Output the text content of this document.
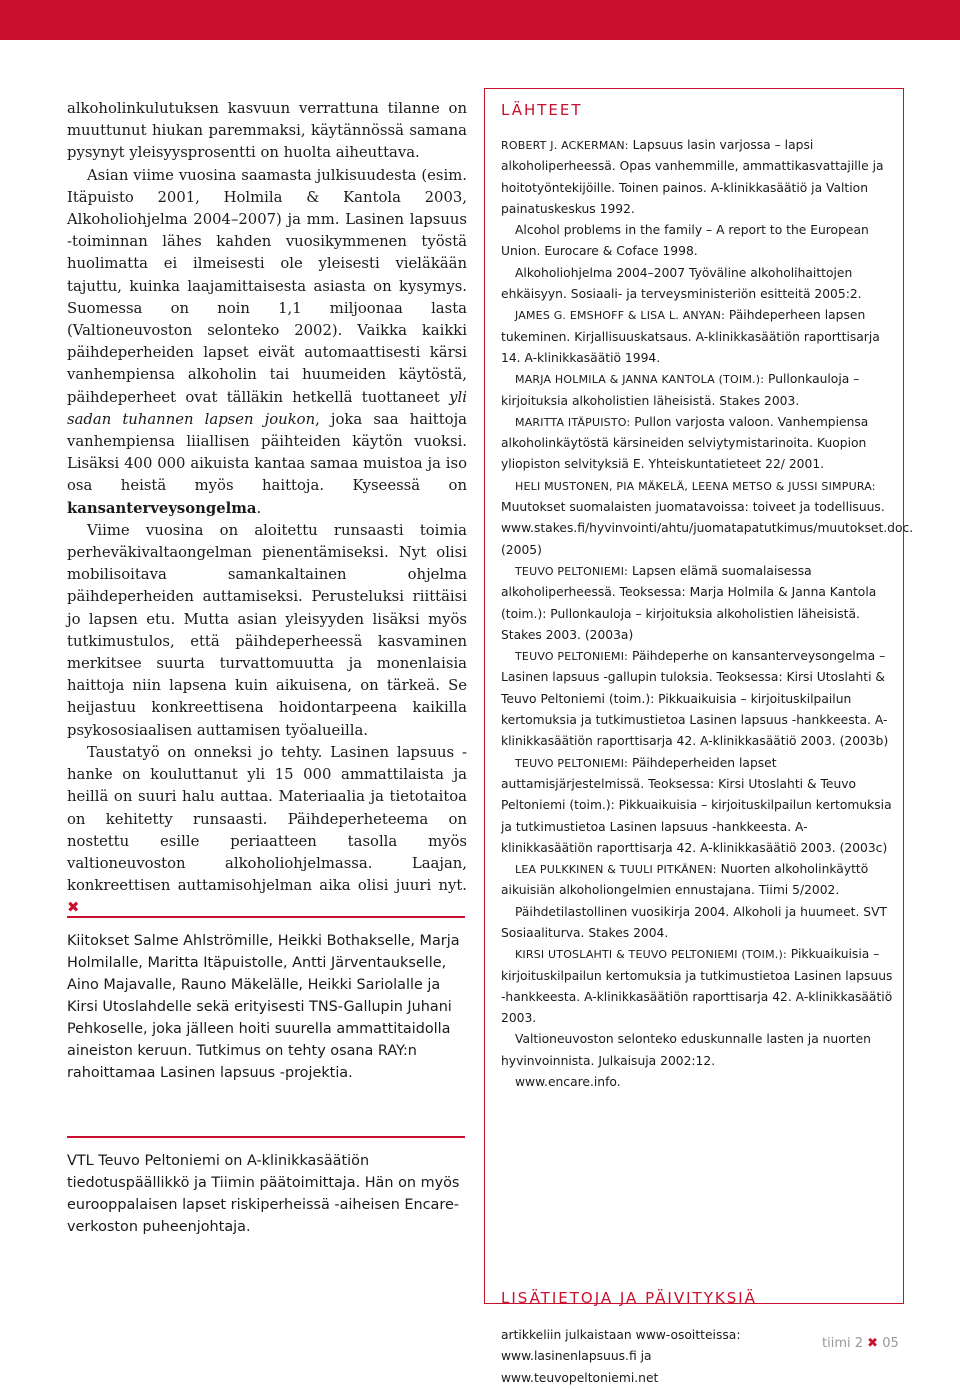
alkoholinkulutuksen kasvuun verrattuna tilanne on muuttunut hiukan paremmaksi, käytännössä samana pysynyt yleisyysprosentti on huolta aiheuttava.

Asian viime vuosina saamasta julkisuudesta (esim. Itäpuisto 2001, Holmila & Kantola 2003, Alkoholiohjelma 2004–2007) ja mm. Lasinen lapsuus -toiminnan lähes kahden vuosikymmenen työstä huolimatta ei ilmeisesti ole yleisesti vieläkään tajuttu, kuinka laajamittaisesta asiasta on kysymys. Suomessa on noin 1,1 miljoonaa lasta (Valtioneuvoston selonteko 2002). Vaikka kaikki päihdeperheiden lapset eivät automaattisesti kärsi vanhempiensa alkoholin tai huumeiden käytöstä, päihdeperheet ovat tälläkin hetkellä tuottaneet yli sadan tuhannen lapsen joukon, joka saa haittoja vanhempiensa liiallisen päihteiden käytön vuoksi. Lisäksi 400 000 aikuista kantaa samaa muistoa ja iso osa heistä myös haittoja. Kyseessä on kansanterveysongelma.

Viime vuosina on aloitettu runsaasti toimia perheväkivaltaongelman pienentämiseksi. Nyt olisi mobilisoitava samankaltainen ohjelma päihdeperheiden auttamiseksi. Perusteluksi riittäisi jo lapsen etu. Mutta asian yleisyyden lisäksi myös tutkimustulos, että päihdeperheessä kasvaminen merkitsee suurta turvattomuutta ja monenlaisia haittoja niin lapsena kuin aikuisena, on tärkeä. Se heijastuu konkreettisena hoidontarpeena kaikilla psykososiaalisen auttamisen työalueilla.

Taustatyö on onneksi jo tehty. Lasinen lapsuus -hanke on kouluttanut yli 15 000 ammattilaista ja heillä on suuri halu auttaa. Materiaalia ja tietotaitoa on kehitetty runsaasti. Päihdeperheteema on nostettu esille periaatteen tasolla myös valtioneuvoston alkoholiohjelmassa. Laajan, konkreettisen auttamisohjelman aika olisi juuri nyt. ✖

Kiitokset Salme Ahlströmille, Heikki Bothakselle, Marja Holmilalle, Maritta Itäpuistolle, Antti Järventaukselle, Aino Majavalle, Rauno Mäkelälle, Heikki Sariolalle ja Kirsi Utoslahdelle sekä erityisesti TNS-Gallupin Juhani Pehkoselle, joka jälleen hoiti suurella ammattitaidolla aineiston keruun. Tutkimus on tehty osana RAY:n rahoittamaa Lasinen lapsuus -projektia.
VTL Teuvo Peltoniemi on A-klinikkasäätiön tiedotuspäällikkö ja Tiimin päätoimittaja. Hän on myös eurooppalaisen lapset riskiperheissä -aiheisen Encare-verkoston puheenjohtaja.
LÄHTEET

ROBERT J. ACKERMAN: Lapsuus lasin varjossa – lapsi alkoholiperheessä. Opas vanhemmille, ammattikasvattajille ja hoitotyöntekijöille. Toinen painos. A-klinikkasäätiö ja Valtion painatuskeskus 1992.

Alcohol problems in the family – A report to the European Union. Eurocare & Coface 1998.

Alkoholiohjelma 2004–2007 Työväline alkoholihaittojen ehkäisyyn. Sosiaali- ja terveysministeriön esitteitä 2005:2.

JAMES G. EMSHOFF & LISA L. ANYAN: Päihdeperheen lapsen tukeminen. Kirjallisuuskatsaus. A-klinikkasäätiön raporttisarja 14. A-klinikkasäätiö 1994.

MARJA HOLMILA & JANNA KANTOLA (TOIM.): Pullonkauloja – kirjoituksia alkoholistien läheisistä. Stakes 2003.

MARITTA ITÄPUISTO: Pullon varjosta valoon. Vanhempiensa alkoholinkäytöstä kärsineiden selviytymistarinoita. Kuopion yliopiston selvityksiä E. Yhteiskuntatieteet 22/ 2001.

HELI MUSTONEN, PIA MÄKELÄ, LEENA METSO & JUSSI SIMPURA: Muutokset suomalaisten juomatavoissa: toiveet ja todellisuus. www.stakes.fi/hyvinvointi/ahtu/juomatapatutkimus/muutokset.doc. (2005)

TEUVO PELTONIEMI: Lapsen elämä suomalaisessa alkoholiperheessä. Teoksessa: Marja Holmila & Janna Kantola (toim.): Pullonkauloja – kirjoituksia alkoholistien läheisistä. Stakes 2003. (2003a)

TEUVO PELTONIEMI: Päihdeperhe on kansanterveysongelma – Lasinen lapsuus -gallupin tuloksia. Teoksessa: Kirsi Utoslahti & Teuvo Peltoniemi (toim.): Pikkuaikuisia – kirjoituskilpailun kertomuksia ja tutkimustietoa Lasinen lapsuus -hankkeesta. A-klinikkasäätiön raporttisarja 42. A-klinikkasäätiö 2003. (2003b)

TEUVO PELTONIEMI: Päihdeperheiden lapset auttamisjärjestelmissä. Teoksessa: Kirsi Utoslahti & Teuvo Peltoniemi (toim.): Pikkuaikuisia – kirjoituskilpailun kertomuksia ja tutkimustietoa Lasinen lapsuus -hankkeesta. A-klinikkasäätiön raporttisarja 42. A-klinikkasäätiö 2003. (2003c)

LEA PULKKINEN & TUULI PITKÄNEN: Nuorten alkoholinkäyttö aikuisiän alkoholiongelmien ennustajana. Tiimi 5/2002.

Päihdetilastollinen vuosikirja 2004. Alkoholi ja huumeet. SVT Sosiaaliturva. Stakes 2004.

KIRSI UTOSLAHTI & TEUVO PELTONIEMI (TOIM.): Pikkuaikuisia – kirjoituskilpailun kertomuksia ja tutkimustietoa Lasinen lapsuus -hankkeesta. A-klinikkasäätiön raporttisarja 42. A-klinikkasäätiö 2003.

Valtioneuvoston selonteko eduskunnalle lasten ja nuorten hyvinvoinnista. Julkaisuja 2002:12.

www.encare.info.

LISÄTIETOJA JA PÄIVITYKSIÄ
artikkeliin julkaistaan www-osoitteissa:
www.lasinenlapsuus.fi ja
www.teuvopeltoniemi.net
tiimi 2 ✖ 05
